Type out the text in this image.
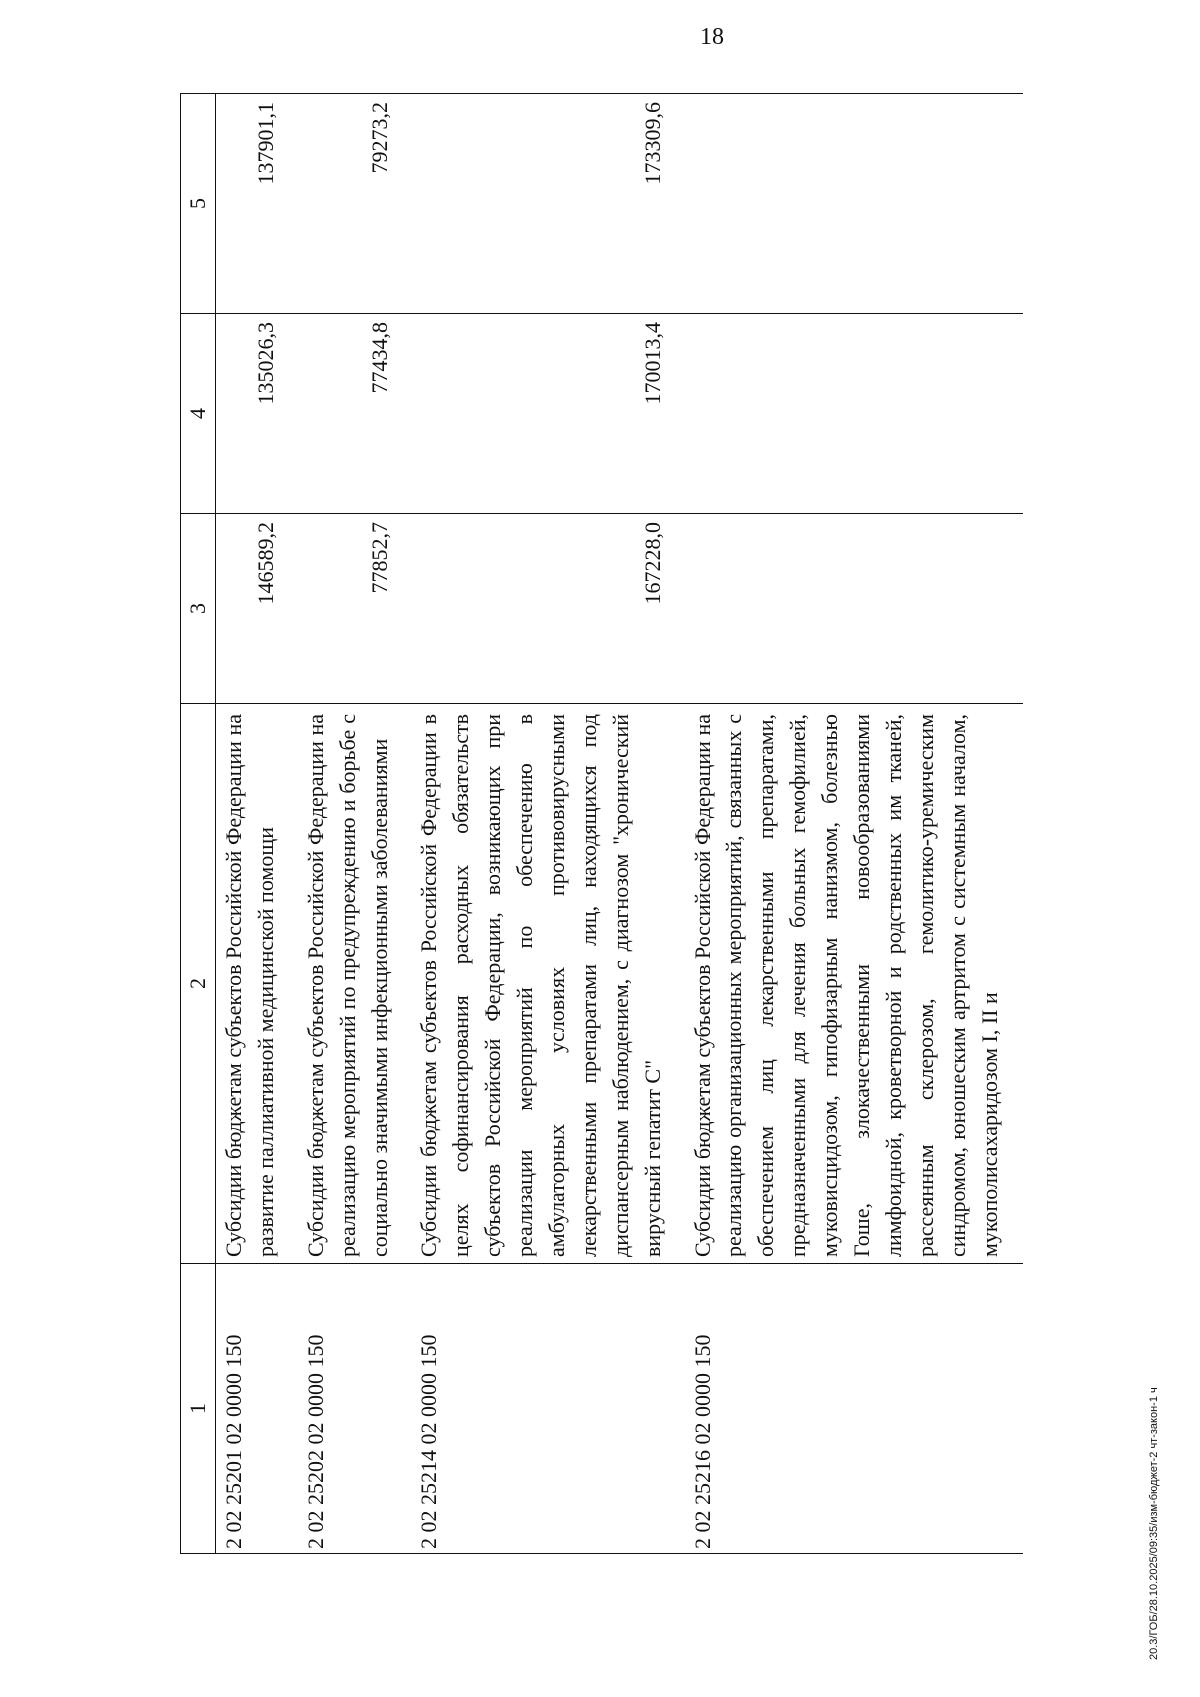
18
1	2	3	4	5
2 02 25201 02 0000 150	Субсидии бюджетам субъектов Российской Федерации на развитие паллиативной медицинской помощи	146589,2	135026,3	137901,1
2 02 25202 02 0000 150	Субсидии бюджетам субъектов Российской Федерации на реализацию мероприятий по предупреждению и борьбе с социально значимыми инфекционными заболеваниями	77852,7	77434,8	79273,2
2 02 25214 02 0000 150	Субсидии бюджетам субъектов Российской Федерации в целях софинансирования расходных обязательств субъектов Российской Федерации, возникающих при реализации мероприятий по обеспечению в амбулаторных условиях противовирусными лекарственными препаратами лиц, находящихся под диспансерным наблюдением, с диагнозом "хронический вирусный гепатит С"	167228,0	170013,4	173309,6
2 02 25216 02 0000 150	Субсидии бюджетам субъектов Российской Федерации на реализацию организационных мероприятий, связанных с обеспечением лиц лекарственными препаратами, предназначенными для лечения больных гемофилией, муковисцидозом, гипофизарным нанизмом, болезнью Гоше, злокачественными новообразованиями лимфоидной, кроветворной и родственных им тканей, рассеянным склерозом, гемолитико-уремическим синдромом, юношеским артритом с системным началом, мукополисахаридозом I, II и			
20.3/ГОБ/28.10.2025/09:35/изм-бюджет-2 чт-закон-1 ч
